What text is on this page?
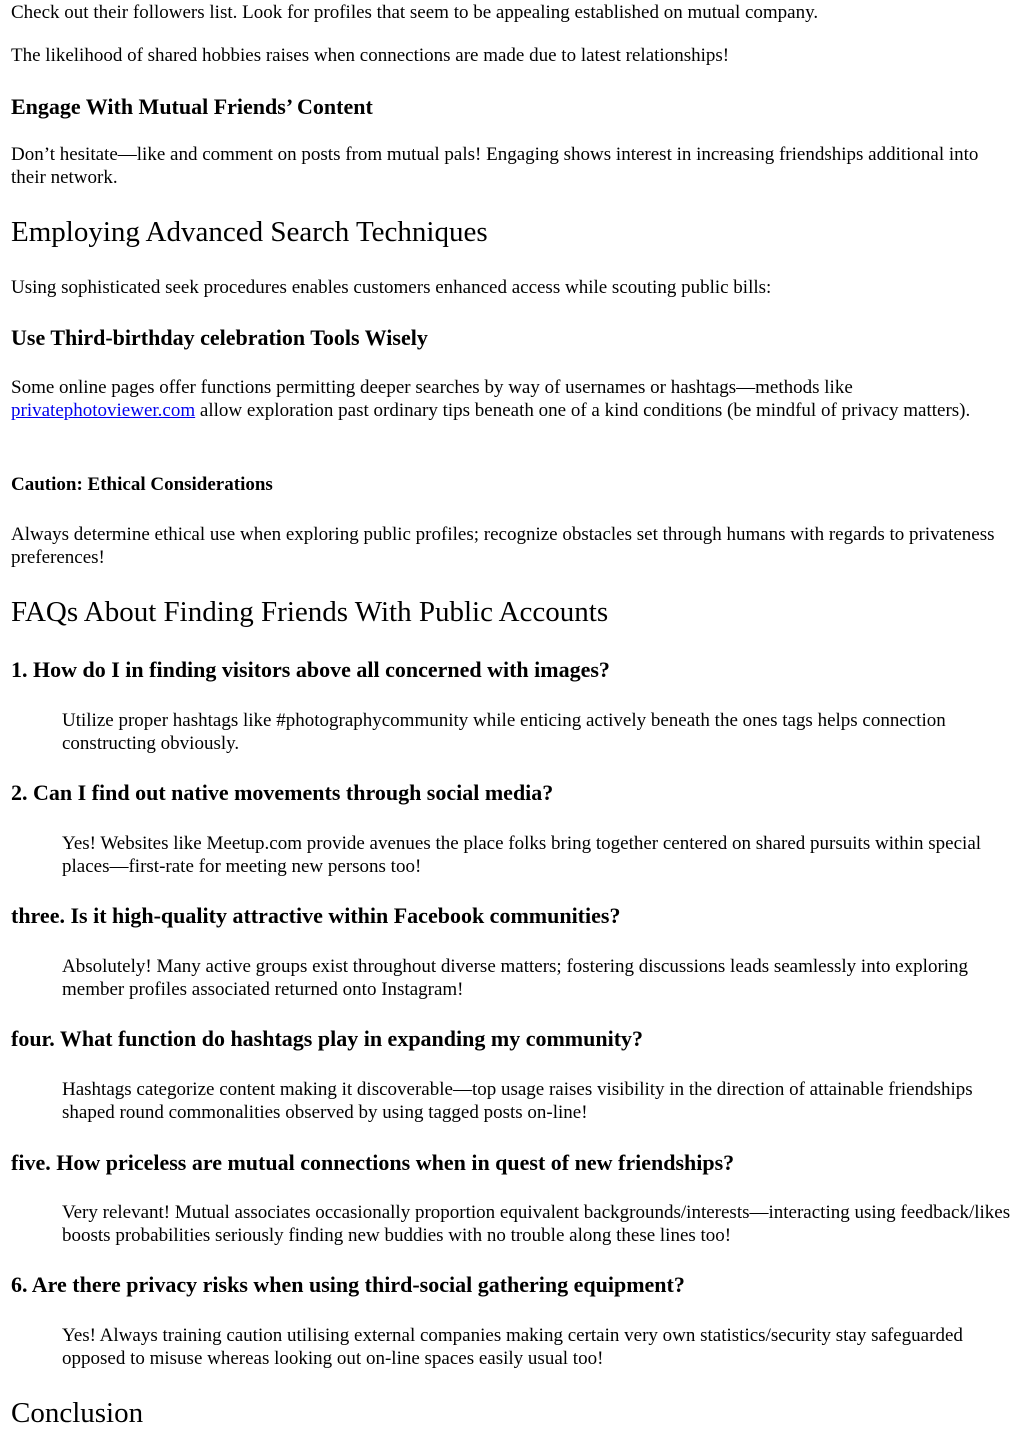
Check out their followers list. Look for profiles that seem to be appealing established on mutual company.

The likelihood of shared hobbies raises when connections are made due to latest relationships!

Engage With Mutual Friends’ Content

Don’t hesitate—like and comment on posts from mutual pals! Engaging shows interest in increasing friendships additional into their network.

Employing Advanced Search Techniques

Using sophisticated seek procedures enables customers enhanced access while scouting public bills:

Use Third-birthday celebration Tools Wisely

Some online pages offer functions permitting deeper searches by way of usernames or hashtags—methods like privatephotoviewer.com allow exploration past ordinary tips beneath one of a kind conditions (be mindful of privacy matters).

Caution: Ethical Considerations

Always determine ethical use when exploring public profiles; recognize obstacles set through humans with regards to privateness preferences!

FAQs About Finding Friends With Public Accounts
1. How do I in finding visitors above all concerned with images?

Utilize proper hashtags like #photographycommunity while enticing actively beneath the ones tags helps connection constructing obviously.

2. Can I find out native movements through social media?

Yes! Websites like Meetup.com provide avenues the place folks bring together centered on shared pursuits within special places—first-rate for meeting new persons too!

three. Is it high-quality attractive within Facebook communities?

Absolutely! Many active groups exist throughout diverse matters; fostering discussions leads seamlessly into exploring member profiles associated returned onto Instagram!

four. What function do hashtags play in expanding my community?

Hashtags categorize content making it discoverable—top usage raises visibility in the direction of attainable friendships shaped round commonalities observed by using tagged posts on-line!

five. How priceless are mutual connections when in quest of new friendships?

Very relevant! Mutual associates occasionally proportion equivalent backgrounds/interests—interacting using feedback/likes boosts probabilities seriously finding new buddies with no trouble along these lines too!

6. Are there privacy risks when using third-social gathering equipment?

Yes! Always training caution utilising external companies making certain very own statistics/security stay safeguarded opposed to misuse whereas looking out on-line spaces easily usual too!

Conclusion
